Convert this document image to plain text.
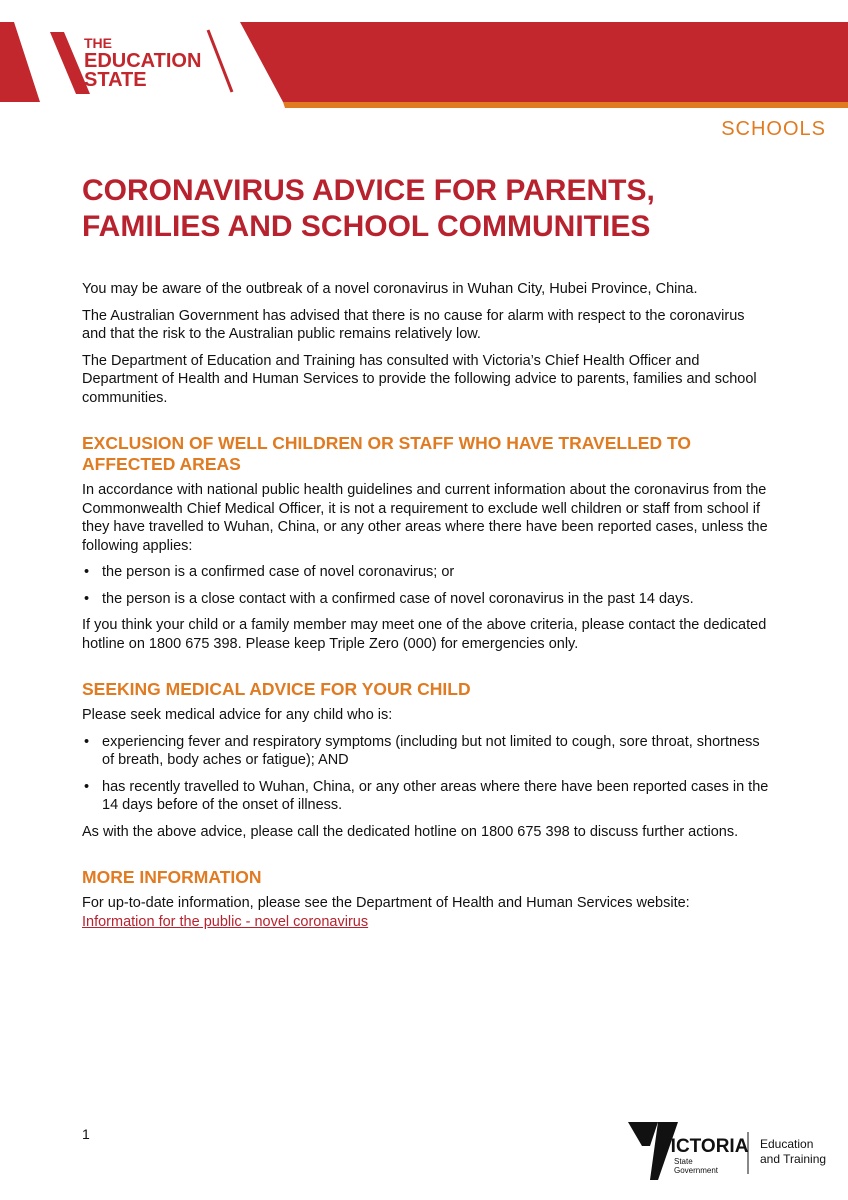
THE
EDUCATION
STATE
SCHOOLS
CORONAVIRUS ADVICE FOR PARENTS,
FAMILIES AND SCHOOL COMMUNITIES

You may be aware of the outbreak of a novel coronavirus in Wuhan City, Hubei Province, China.

The Australian Government has advised that there is no cause for alarm with respect to the coronavirus and that the risk to the Australian public remains relatively low.

The Department of Education and Training has consulted with Victoria’s Chief Health Officer and Department of Health and Human Services to provide the following advice to parents, families and school communities.

EXCLUSION OF WELL CHILDREN OR STAFF WHO HAVE TRAVELLED TO AFFECTED AREAS

In accordance with national public health guidelines and current information about the coronavirus from the Commonwealth Chief Medical Officer, it is not a requirement to exclude well children or staff from school if they have travelled to Wuhan, China, or any other areas where there have been reported cases, unless the following applies:

• the person is a confirmed case of novel coronavirus; or
• the person is a close contact with a confirmed case of novel coronavirus in the past 14 days.

If you think your child or a family member may meet one of the above criteria, please contact the dedicated hotline on 1800 675 398. Please keep Triple Zero (000) for emergencies only.

SEEKING MEDICAL ADVICE FOR YOUR CHILD

Please seek medical advice for any child who is:

• experiencing fever and respiratory symptoms (including but not limited to cough, sore throat, shortness of breath, body aches or fatigue); AND
• has recently travelled to Wuhan, China, or any other areas where there have been reported cases in the 14 days before of the onset of illness.

As with the above advice, please call the dedicated hotline on 1800 675 398 to discuss further actions.

MORE INFORMATION

For up-to-date information, please see the Department of Health and Human Services website:
Information for the public - novel coronavirus

1
VICTORIA
State
Government
Education
and Training
